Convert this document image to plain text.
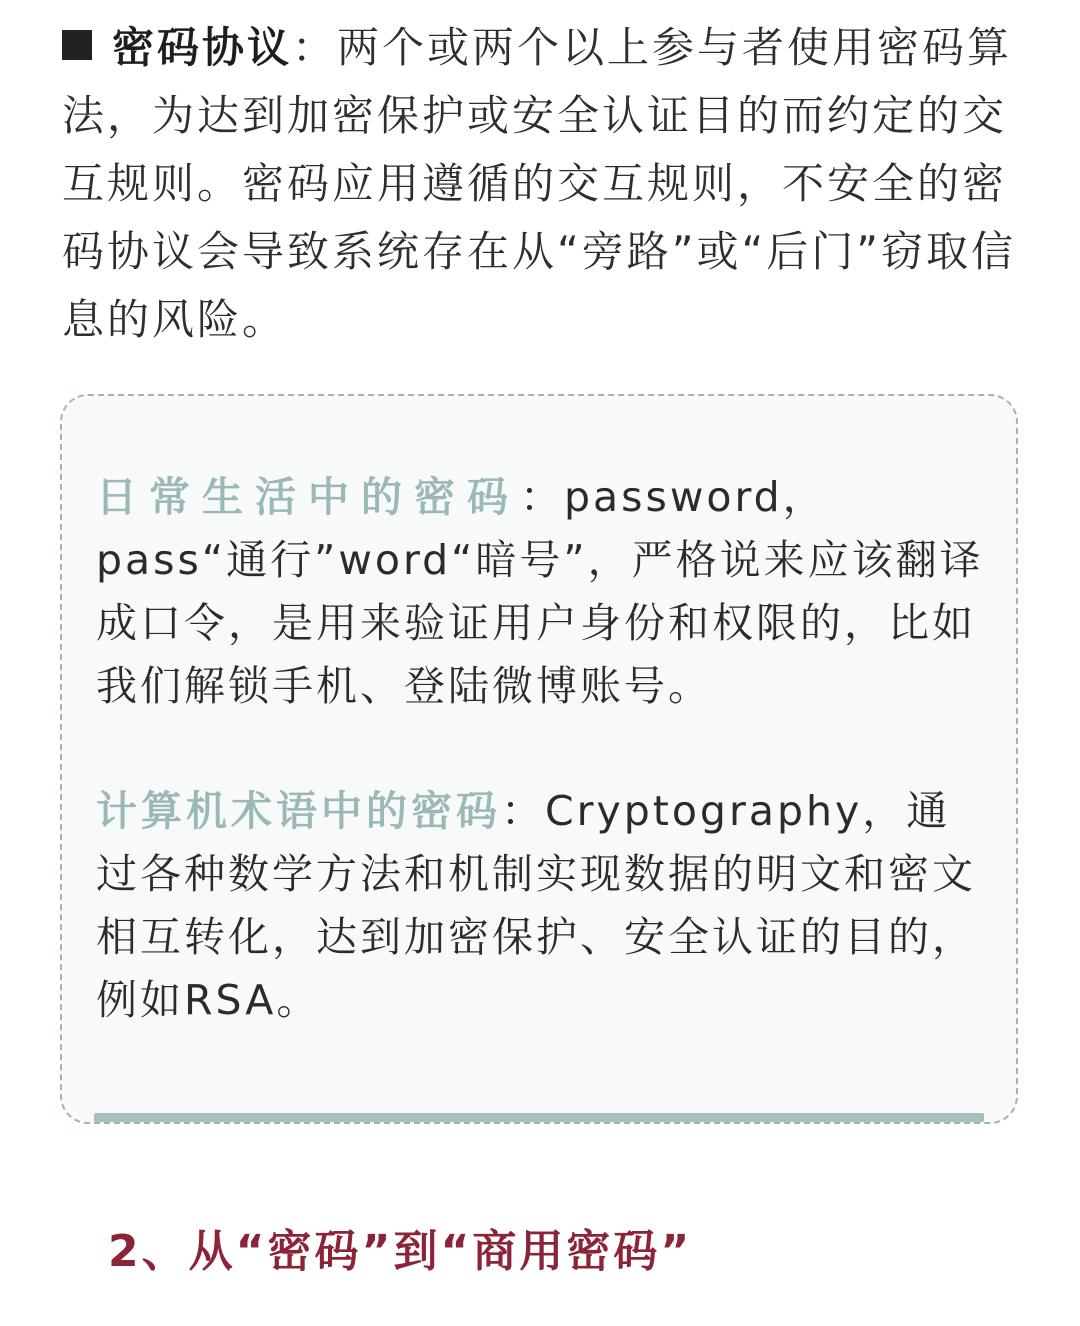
密码协议：两个或两个以上参与者使用密码算法，为达到加密保护或安全认证目的而约定的交互规则。密码应用遵循的交互规则，不安全的密码协议会导致系统存在从“旁路”或“后门”窃取信息的风险。

日常生活中的密码：password，pass“通行”word“暗号”，严格说来应该翻译成口令，是用来验证用户身份和权限的，比如我们解锁手机、登陆微博账号。

计算机术语中的密码：Cryptography，通过各种数学方法和机制实现数据的明文和密文相互转化，达到加密保护、安全认证的目的，例如RSA。

2、从“密码”到“商用密码”
